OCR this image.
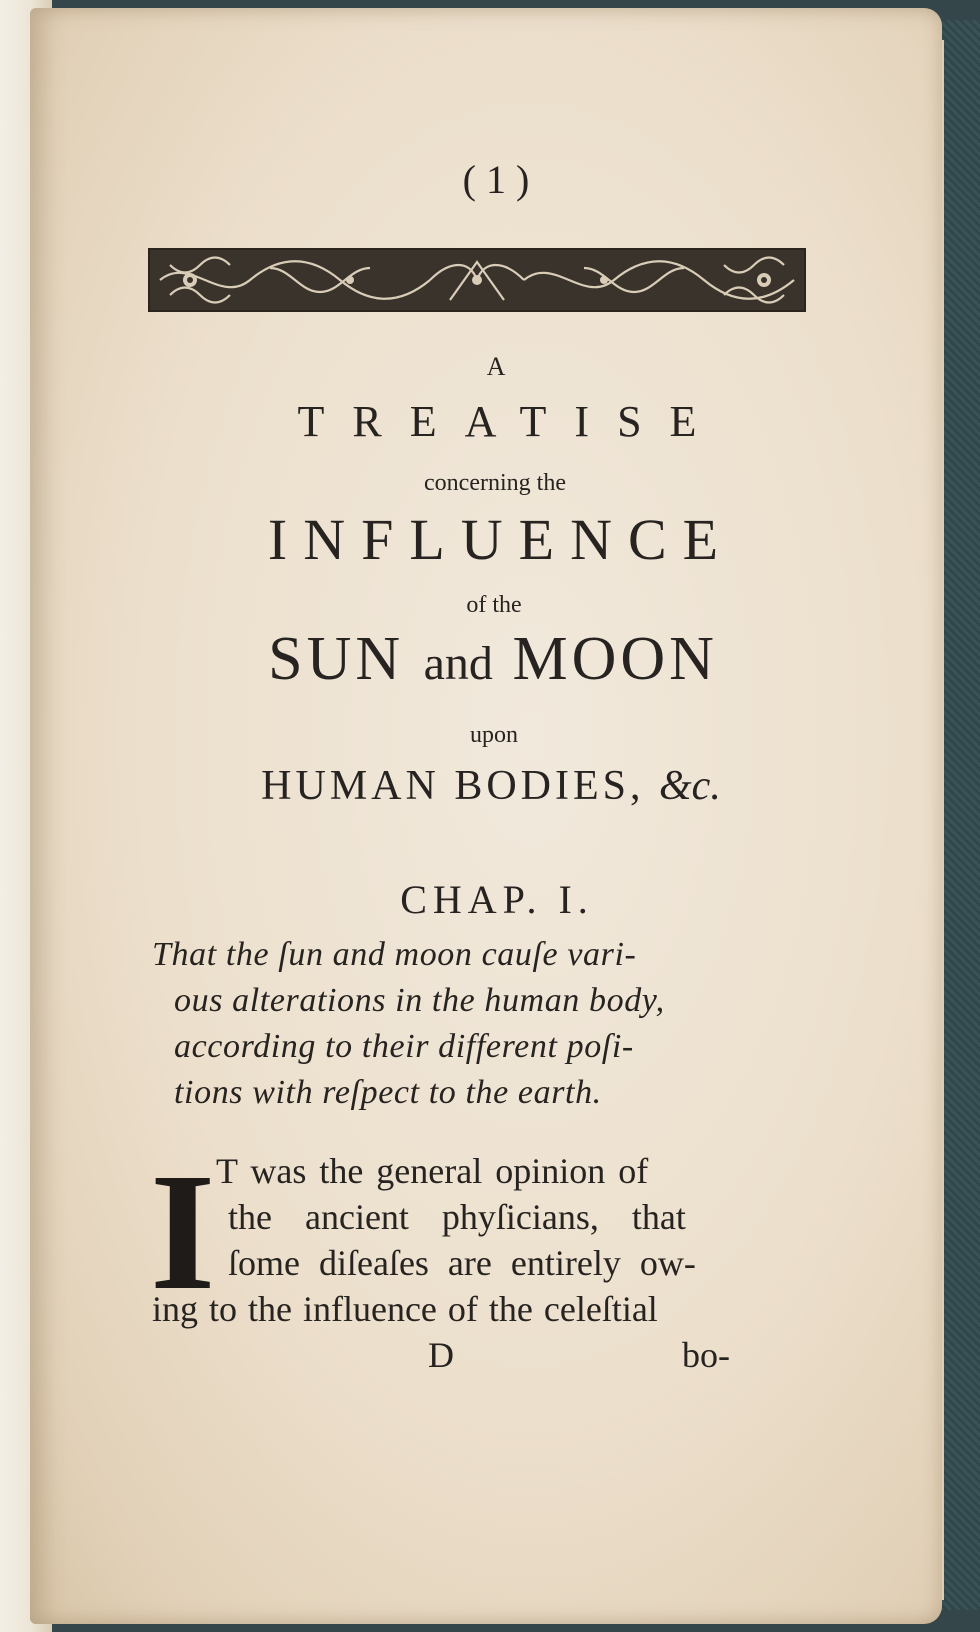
( 1 )
A
TREATISE
concerning the
INFLUENCE
of the
SUN and MOON
upon
HUMAN BODIES, &c.
CHAP. I.
That the ſun and moon cauſe vari-
ous alterations in the human body,
according to their different poſi-
tions with reſpect to the earth.
I T was the general opinion of
the ancient phyſicians, that
ſome diſeaſes are entirely ow-
ing to the influence of the celeſtial
D	bo-
